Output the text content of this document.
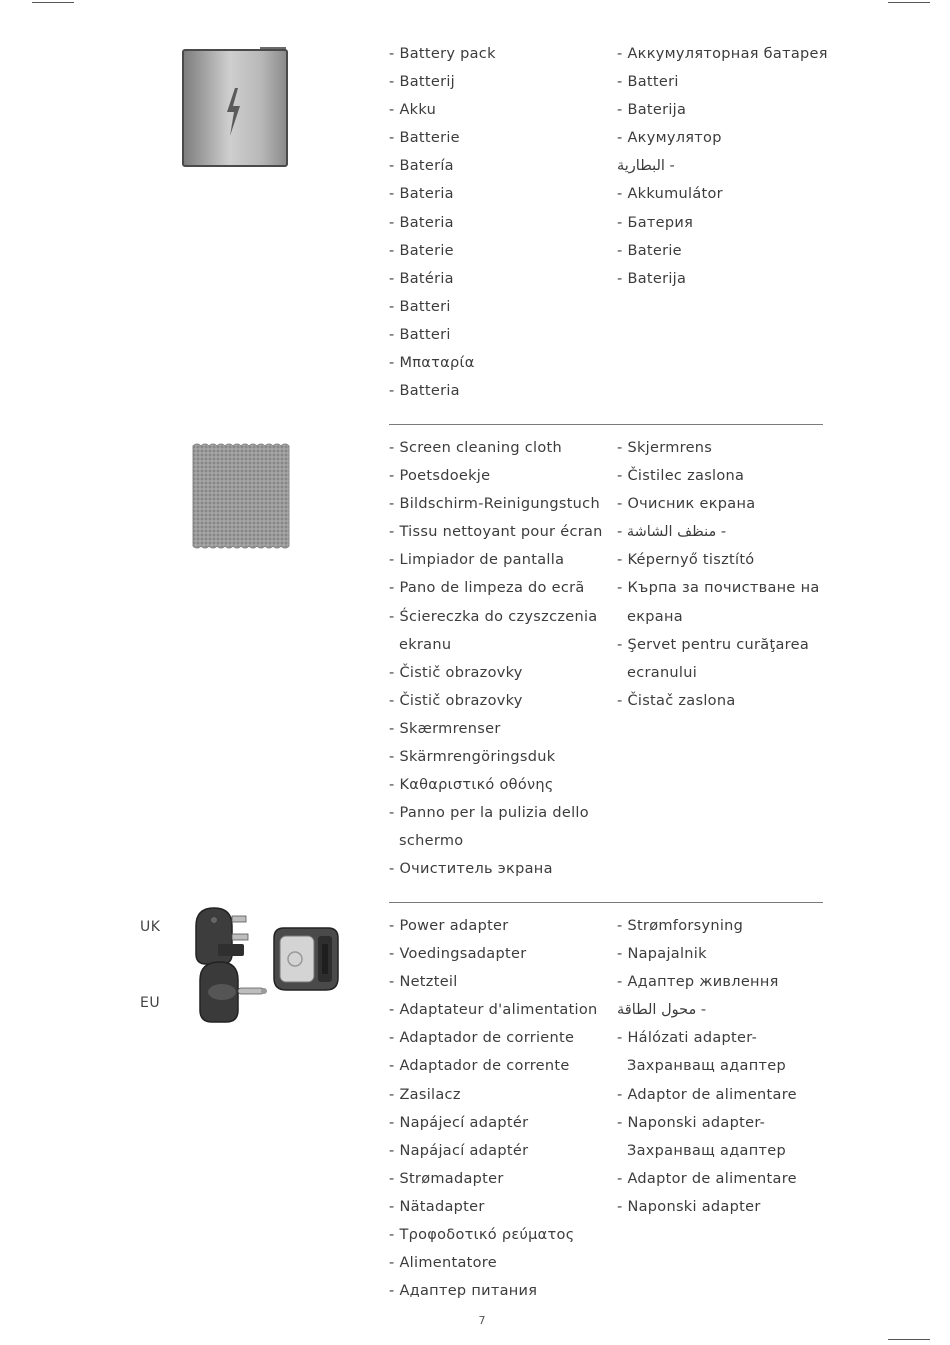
- Battery pack
- Batterij
- Akku
- Batterie
- Batería
- Bateria
- Bateria
- Baterie
- Batéria
- Batteri
- Batteri
- Μπαταρία
- Batteria
- Аккумуляторная батарея
- Batteri
- Baterija
- Акумулятор
- البطارية
- Akkumulátor
- Батерия
- Baterie
- Baterija
- Screen cleaning cloth
- Poetsdoekje
- Bildschirm-Reinigungstuch
- Tissu nettoyant pour écran
- Limpiador de pantalla
- Pano de limpeza do ecrã
- Ściereczka do czyszczenia
ekranu
- Čistič obrazovky
- Čistič obrazovky
- Skærmrenser
- Skärmrengöringsduk
- Καθαριστικό οθόνης
- Panno per la pulizia dello
schermo
- Очиститель экрана
- Skjermrens
- Čistilec zaslona
- Очисник екрана
- منظف الشاشة -
- Képernyő tisztító
- Кърпа за почистване на
екрана
- Şervet pentru curăţarea
ecranului
- Čistač zaslona
UK
EU
- Power adapter
- Voedingsadapter
- Netzteil
- Adaptateur d'alimentation
- Adaptador de corriente
- Adaptador de corrente
- Zasilacz
- Napájecí adaptér
- Napájací adaptér
- Strømadapter
- Nätadapter
- Τροφοδοτικό ρεύματος
- Alimentatore
- Адаптер питания
- Strømforsyning
- Napajalnik
- Адаптер живлення
- محول الطاقة
- Hálózati adapter-
Захранващ адаптер
- Adaptor de alimentare
- Naponski adapter-
Захранващ адаптер
- Adaptor de alimentare
- Naponski adapter
7
